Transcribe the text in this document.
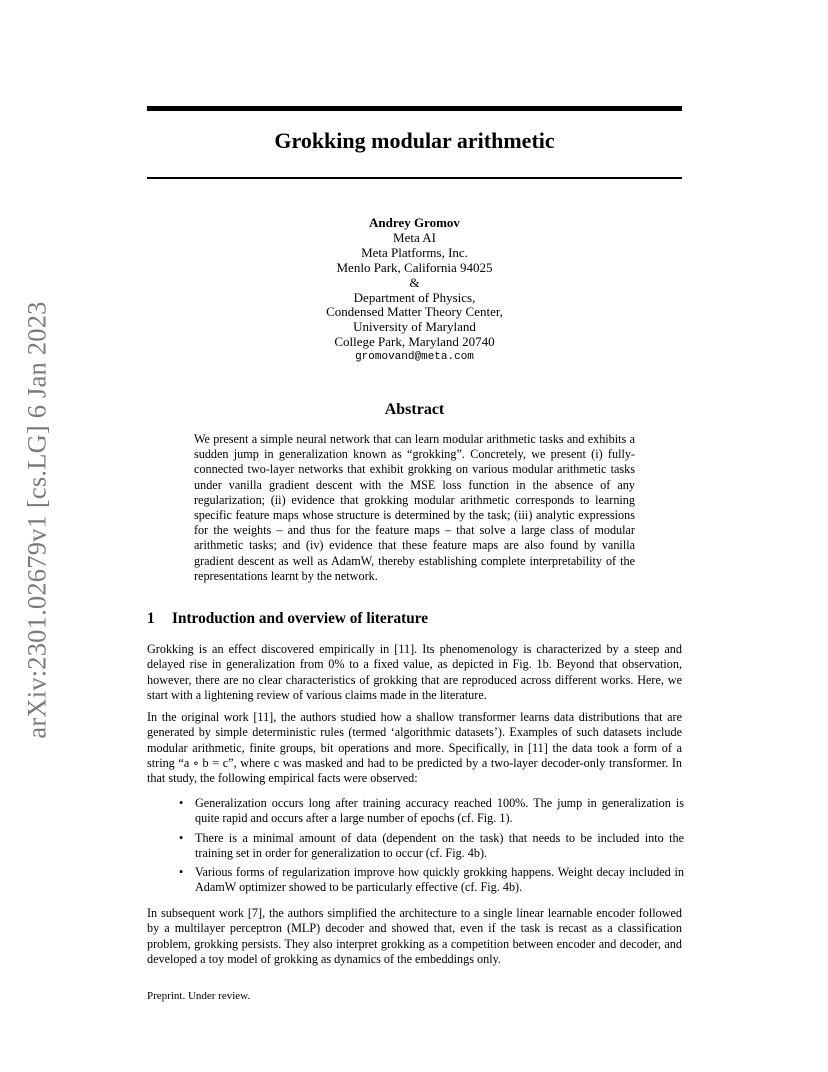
arXiv:2301.02679v1 [cs.LG] 6 Jan 2023
Grokking modular arithmetic
Andrey Gromov
Meta AI
Meta Platforms, Inc.
Menlo Park, California 94025
&
Department of Physics,
Condensed Matter Theory Center,
University of Maryland
College Park, Maryland 20740
gromovand@meta.com
Abstract

We present a simple neural network that can learn modular arithmetic tasks and exhibits a sudden jump in generalization known as “grokking”. Concretely, we present (i) fully-connected two-layer networks that exhibit grokking on various modular arithmetic tasks under vanilla gradient descent with the MSE loss function in the absence of any regularization; (ii) evidence that grokking modular arithmetic corresponds to learning specific feature maps whose structure is determined by the task; (iii) analytic expressions for the weights – and thus for the feature maps – that solve a large class of modular arithmetic tasks; and (iv) evidence that these feature maps are also found by vanilla gradient descent as well as AdamW, thereby establishing complete interpretability of the representations learnt by the network.

1 Introduction and overview of literature

Grokking is an effect discovered empirically in [11]. Its phenomenology is characterized by a steep and delayed rise in generalization from 0% to a fixed value, as depicted in Fig. 1b. Beyond that observation, however, there are no clear characteristics of grokking that are reproduced across different works. Here, we start with a lightening review of various claims made in the literature.

In the original work [11], the authors studied how a shallow transformer learns data distributions that are generated by simple deterministic rules (termed ‘algorithmic datasets’). Examples of such datasets include modular arithmetic, finite groups, bit operations and more. Specifically, in [11] the data took a form of a string “a ∘ b = c”, where c was masked and had to be predicted by a two-layer decoder-only transformer. In that study, the following empirical facts were observed:

• Generalization occurs long after training accuracy reached 100%. The jump in generalization is quite rapid and occurs after a large number of epochs (cf. Fig. 1).
• There is a minimal amount of data (dependent on the task) that needs to be included into the training set in order for generalization to occur (cf. Fig. 4b).
• Various forms of regularization improve how quickly grokking happens. Weight decay included in AdamW optimizer showed to be particularly effective (cf. Fig. 4b).

In subsequent work [7], the authors simplified the architecture to a single linear learnable encoder followed by a multilayer perceptron (MLP) decoder and showed that, even if the task is recast as a classification problem, grokking persists. They also interpret grokking as a competition between encoder and decoder, and developed a toy model of grokking as dynamics of the embeddings only.

Preprint. Under review.
